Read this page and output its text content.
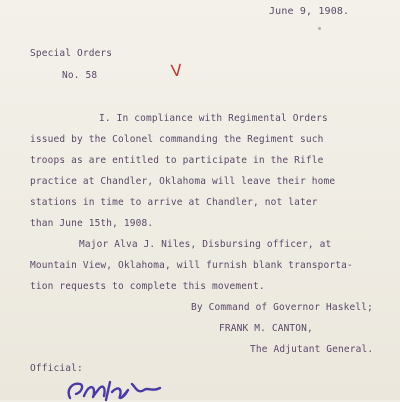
June 9, 1908.
Special Orders
No. 58	V
I. In compliance with Regimental Orders
issued by the Colonel commanding the Regiment such
troops as are entitled to participate in the Rifle
practice at Chandler, Oklahoma will leave their home
stations in time to arrive at Chandler, not later
than June 15th, 1908.
Major Alva J. Niles, Disbursing officer, at
Mountain View, Oklahoma, will furnish blank transporta-
tion requests to complete this movement.
By Command of Governor Haskell;
FRANK M. CANTON,
The Adjutant General.
Official:
